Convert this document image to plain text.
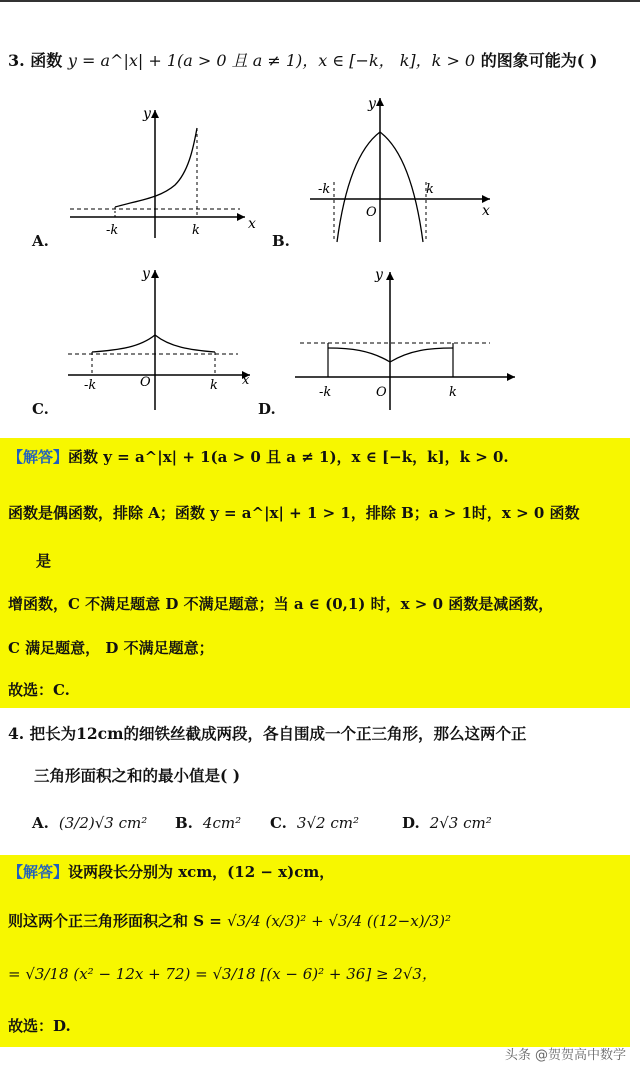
3. 函数 y = a^|x| + 1(a > 0 且 a ≠ 1)，x ∈ [−k， k]，k > 0 的图象可能为( )
y
x
-k	k
A.
y
x
-k	k
O
B.
y
x
-k	k
O
C.
y
-k	k
O
D.
【解答】函数 y = a^|x| + 1(a > 0 且 a ≠ 1)，x ∈ [−k，k]，k > 0.
函数是偶函数，排除 A；函数 y = a^|x| + 1 > 1，排除 B；a > 1时，x > 0 函数
是
增函数，C 不满足题意 D 不满足题意；当 a ∈ (0,1) 时，x > 0 函数是减函数，
C 满足题意， D 不满足题意；
故选：C.
4. 把长为12cm的细铁丝截成两段，各自围成一个正三角形，那么这两个正
三角形面积之和的最小值是( )
A. (3/2)√3 cm² B. 4cm² C. 3√2 cm²	D. 2√3 cm²
【解答】设两段长分别为 xcm，(12 − x)cm，
则这两个正三角形面积之和 S = √3/4 (x/3)² + √3/4 ((12−x)/3)²
= √3/18 (x² − 12x + 72) = √3/18 [(x − 6)² + 36] ≥ 2√3，
故选：D.
头条 @贺贺高中数学
